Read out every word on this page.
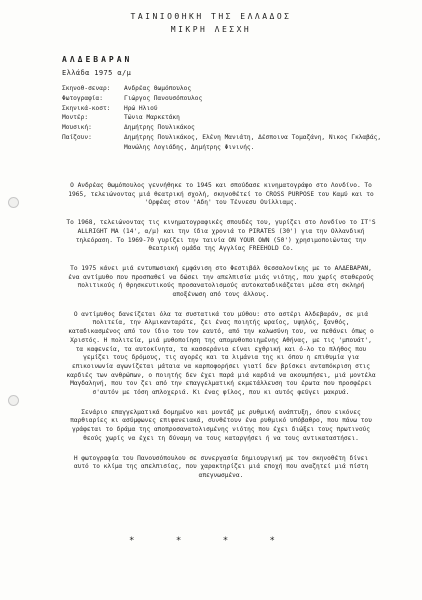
ΤΑΙΝΙΟΘΗΚΗ ΤΗΣ ΕΛΛΑΔΟΣ
ΜΙΚΡΗ ΛΕΣΧΗ
ΑΛΔΕΒΑΡΑΝ
Ελλάδα 1975 α/μ
Σκηνοθ-σεναρ:	Ανδρέας Θωμόπουλος
Φωτογραφία:	Γιώργος Πανουσόπουλος
Σκηνικά-κοστ:	Ηρώ Ηλιού
Μοντέρ:	Τώνια Μαρκετάκη
Μουσική:	Δημήτρης Πουλικάκος
Παίζουν:	Δημήτρης Πουλικάκος, Ελένη Μανιάτη, Δέσποινα Τομαζάνη, Νικος Γκλαβάς, Μανώλης Λογιάδης, Δημήτρης Φινινής.

Ο Ανδρέας Θωμόπουλος γεννήθηκε το 1945 και σπούδασε κινηματογράφο στο Λονδίνο. Το 1965, τελειώνοντας μιά θεατρική σχολή, σκηνοθέτεί το CROSS PURPOSE του Καμύ και το 'Ορφέας στον 'Αδη' του Τέννεσυ Ουίλλιαμς.

Το 1968, τελειώνοντας τις κινηματογραφικές σπουδές του, γυρίζει στο Λονδίνο το IT'S ALLRIGHT MA (14', α/μ) και την ίδια χρονιά το PIRATES (30') για την Ολλανδική τηλεόραση. Το 1969-70 γυρίζει την ταινία ON YOUR OWN (50') χρησιμοποιώντας την θεατρική ομάδα της Αγγλίας FREEHOLD Co.

Το 1975 κάνει μιά εντυπωσιακή εμφάνιση στο Φεστιβάλ Θεσσαλονίκης με το ΑΛΔΕΒΑΡΑΝ, ένα αντίμυθο που προσπαθεί να δώσει την απελπισία μιάς νιότης, που χωρίς σταθερούς πολιτικούς ή θρησκευτικούς προσανατολισμούς αυτοκαταδικάζεται μέσα στη σκληρή αποξένωση από τους άλλους.

Ο αντίμυθος δανείζεται όλα τα συστατικά του μύθου: στο αστέρι Αλδεβαράν, σε μιά πολιτεία, την Αλμικανταράτε, ζει ένας ποιητής ωραίος, υψηλός, ξανθός, καταδικασμένος από τον ίδιο του τον εαυτό, από την καλωσύνη του, να πεθάνει όπως ο Χριστός. Η πολιτεία, μιά μυθοποίηση της απομυθοποιημένης Αθήνας, με τις 'μπουάτ', τα καφενεία, τα αυτοκίνητα, τα κασσεράνια είναι εχθρική και ό-λο το πλήθος που γεμίζει τους δρόμους, τις αγορές και τα λιμάνια της κι όπου η επιθυμία για επικοινωνία αγωνίζεται μάταια να καρποφορήσει γιατί δεν βρίσκει ανταπόκριση στις καρδιές των ανθρώπων, ο ποιητής δεν έχει παρά μιά καρδιά να ακουμπήσει, μιά μοντέλα Μαγδαληνή, που τον ζει από την επαγγελματική εκμετάλλευση του έρωτα που προσφέρει σ'αυτόν με τόση απλοχεριά. Κι ένας φίλος, που κι αυτός φεύγει μακρυά.

Σενάριο επαγγελματικά δομημένο και μοντάζ με ρυθμική ανάπτυξη, όπου εικόνες παρθιαρίες κι ασύμφωνες επιφανειακά, συνθέτουν ένα ρυθμικό υπόβαθρο, που πάνω του γράφεται το δράμα της αποπροσανατολισμένης νιότης που έχει διώξει τους πρωτινούς θεούς χωρίς να έχει τη δύναμη να τους καταργήσει ή να τους αντικαταστήσει.

Η φωτογραφία του Πανουσόπουλου σε συνεργασία δημιουργική με τον σκηνοθέτη δίνει αυτό το κλίμα της απελπισίας, που χαρακτηρίζει μιά εποχή που αναζητεί μιά πίστη απεγνωσμένα.

* * * *
